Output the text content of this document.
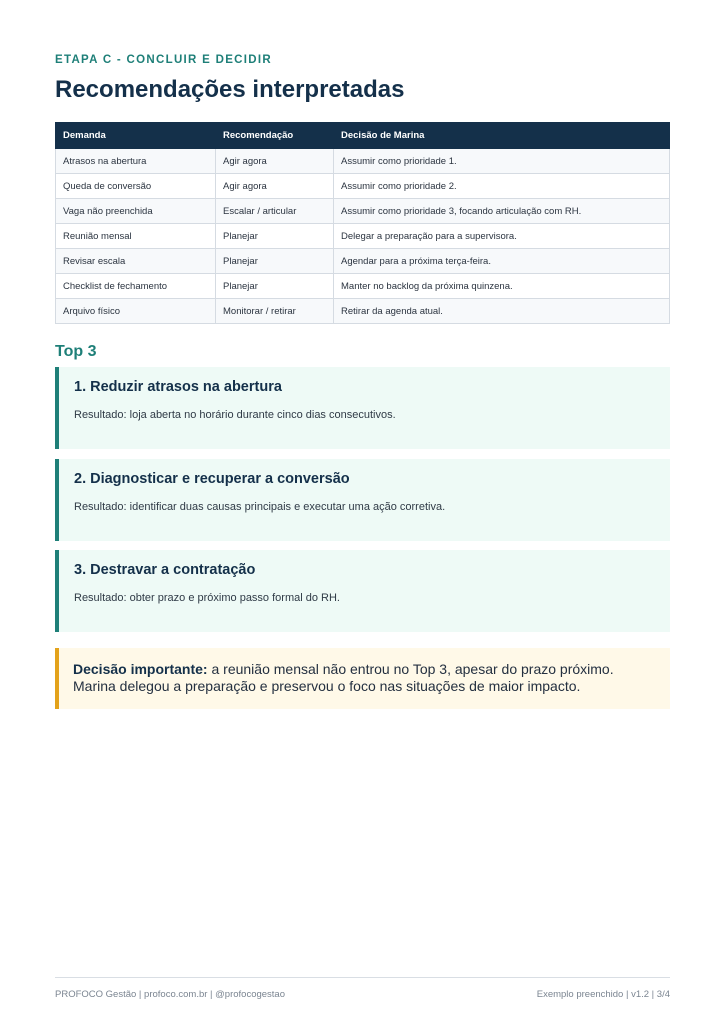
ETAPA C - CONCLUIR E DECIDIR
Recomendações interpretadas
Demanda	Recomendação	Decisão de Marina
Atrasos na abertura	Agir agora	Assumir como prioridade 1.
Queda de conversão	Agir agora	Assumir como prioridade 2.
Vaga não preenchida	Escalar / articular	Assumir como prioridade 3, focando articulação com RH.
Reunião mensal	Planejar	Delegar a preparação para a supervisora.
Revisar escala	Planejar	Agendar para a próxima terça-feira.
Checklist de fechamento	Planejar	Manter no backlog da próxima quinzena.
Arquivo físico	Monitorar / retirar	Retirar da agenda atual.
Top 3
1. Reduzir atrasos na abertura

Resultado: loja aberta no horário durante cinco dias consecutivos.

2. Diagnosticar e recuperar a conversão

Resultado: identificar duas causas principais e executar uma ação corretiva.

3. Destravar a contratação

Resultado: obter prazo e próximo passo formal do RH.

Decisão importante: a reunião mensal não entrou no Top 3, apesar do prazo próximo. Marina delegou a preparação e preservou o foco nas situações de maior impacto.
PROFOCO Gestão | profoco.com.br | @profocogestao	Exemplo preenchido | v1.2 | 3/4
